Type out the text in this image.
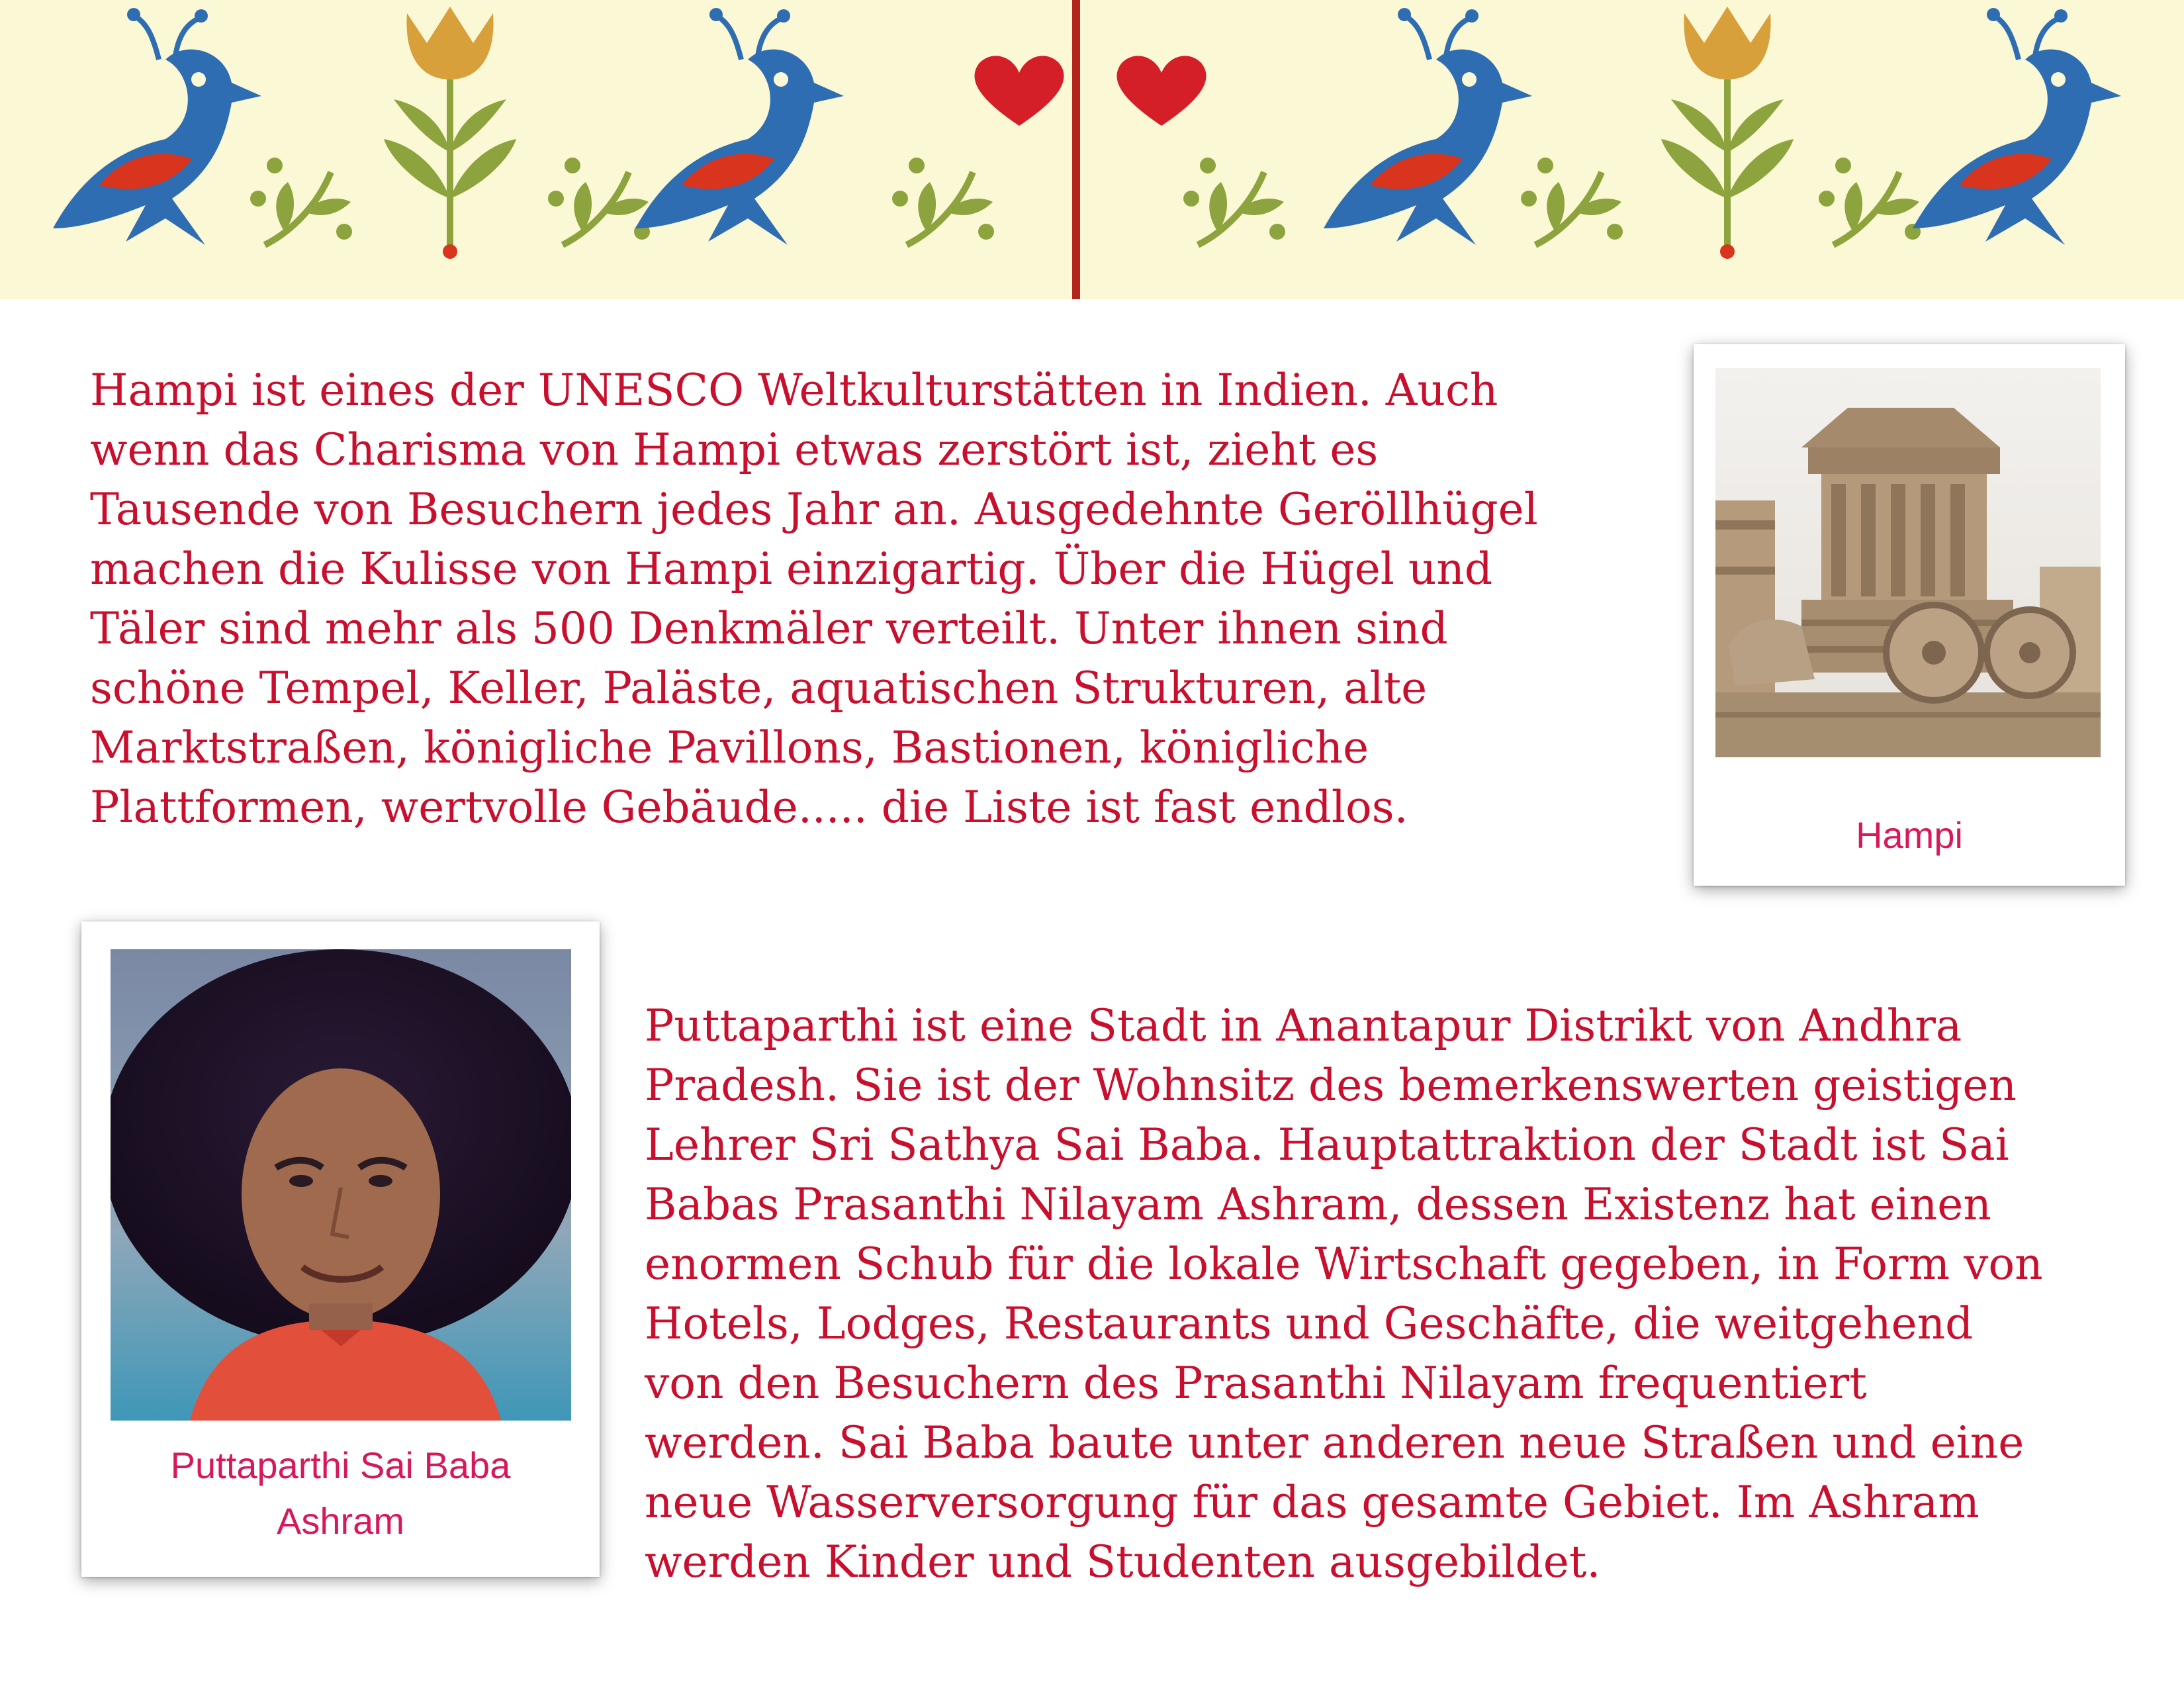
Hampi ist eines der UNESCO Weltkulturstätten in Indien. Auch
wenn das Charisma von Hampi etwas zerstört ist, zieht es
Tausende von Besuchern jedes Jahr an. Ausgedehnte Geröllhügel
machen die Kulisse von Hampi einzigartig. Über die Hügel und
Täler sind mehr als 500 Denkmäler verteilt. Unter ihnen sind
schöne Tempel, Keller, Paläste, aquatischen Strukturen, alte
Marktstraßen, königliche Pavillons, Bastionen, königliche
Plattformen, wertvolle Gebäude..... die Liste ist fast endlos.

Hampi

Puttaparthi Sai Baba
Ashram

Puttaparthi ist eine Stadt in Anantapur Distrikt von Andhra
Pradesh. Sie ist der Wohnsitz des bemerkenswerten geistigen
Lehrer Sri Sathya Sai Baba. Hauptattraktion der Stadt ist Sai
Babas Prasanthi Nilayam Ashram, dessen Existenz hat einen
enormen Schub für die lokale Wirtschaft gegeben, in Form von
Hotels, Lodges, Restaurants und Geschäfte, die weitgehend
von den Besuchern des Prasanthi Nilayam frequentiert
werden. Sai Baba baute unter anderen neue Straßen und eine
neue Wasserversorgung für das gesamte Gebiet. Im Ashram
werden Kinder und Studenten ausgebildet.
